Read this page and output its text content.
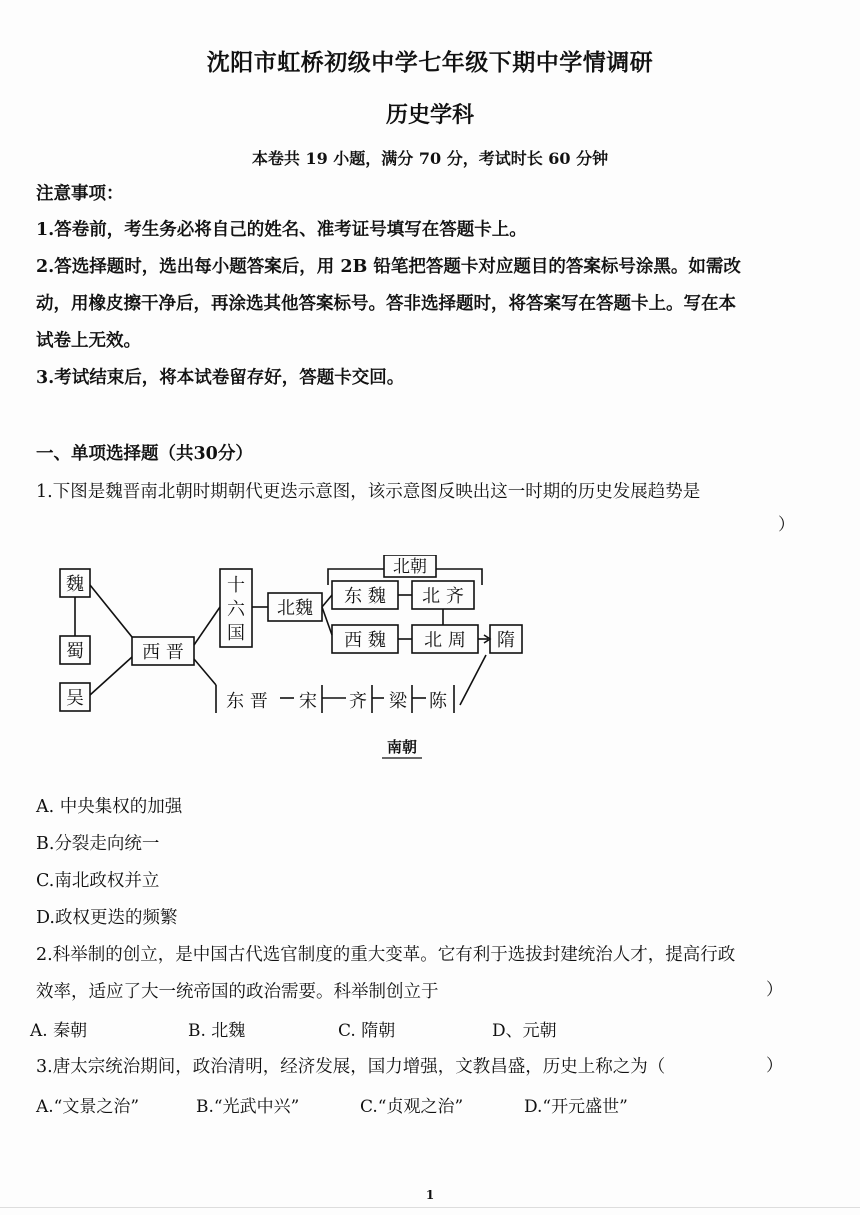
沈阳市虹桥初级中学七年级下期中学情调研
历史学科
本卷共 19 小题，满分 70 分，考试时长 60 分钟
注意事项：
1.答卷前，考生务必将自己的姓名、准考证号填写在答题卡上。
2.答选择题时，选出每小题答案后，用 2B 铅笔把答题卡对应题目的答案标号涂黑。如需改
动，用橡皮擦干净后，再涂选其他答案标号。答非选择题时，将答案写在答题卡上。写在本
试卷上无效。
3.考试结束后，将本试卷留存好，答题卡交回。
一、单项选择题（共30分）
1.下图是魏晋南北朝时期朝代更迭示意图，该示意图反映出这一时期的历史发展趋势是
）
魏
蜀
吴
西 晋
十
六
国
北魏
北朝
东 魏 北 齐
西 魏 北 周 隋
东 晋 宋 齐 梁 陈
南朝
A. 中央集权的加强
B.分裂走向统一
C.南北政权并立
D.政权更迭的频繁
2.科举制的创立，是中国古代选官制度的重大变革。它有利于选拔封建统治人才，提高行政
效率，适应了大一统帝国的政治需要。科举制创立于	）
A. 秦朝	B. 北魏	C. 隋朝	D、元朝
3.唐太宗统治期间，政治清明，经济发展，国力增强，文教昌盛，历史上称之为（	）
A.“文景之治”	B.“光武中兴”	C.“贞观之治”	D.“开元盛世”
1
